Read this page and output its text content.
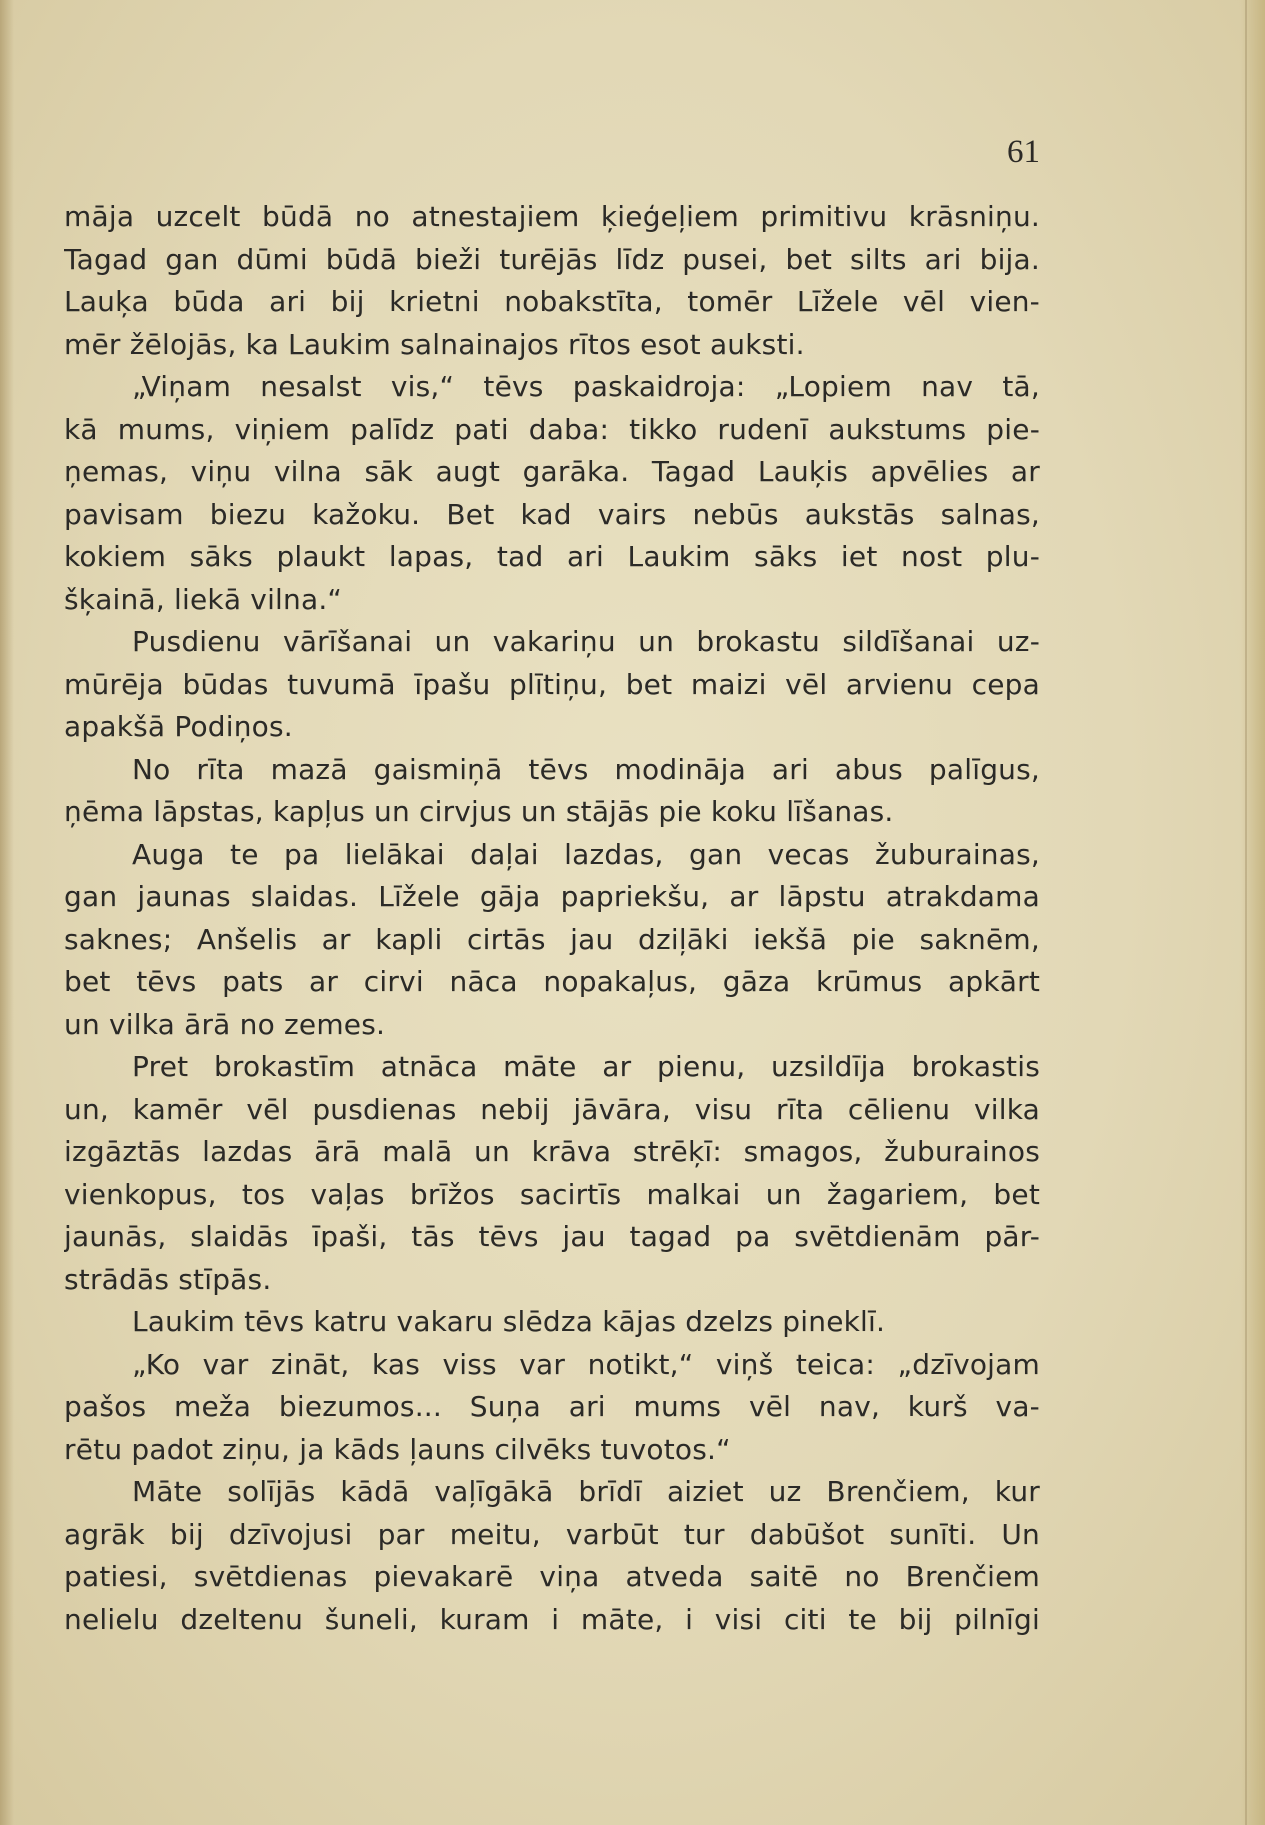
61
māja uzcelt būdā no atnestajiem ķieģeļiem primitivu krāsniņu.
Tagad gan dūmi būdā bieži turējās līdz pusei, bet silts ari bija.
Lauķa būda ari bij krietni nobakstīta, tomēr Līžele vēl vien-
mēr žēlojās, ka Laukim salnainajos rītos esot auksti.
„Viņam nesalst vis,“ tēvs paskaidroja: „Lopiem nav tā,
kā mums, viņiem palīdz pati daba: tikko rudenī aukstums pie-
ņemas, viņu vilna sāk augt garāka. Tagad Lauķis apvēlies ar
pavisam biezu kažoku. Bet kad vairs nebūs aukstās salnas,
kokiem sāks plaukt lapas, tad ari Laukim sāks iet nost plu-
šķainā, liekā vilna.“
Pusdienu vārīšanai un vakariņu un brokastu sildīšanai uz-
mūrēja būdas tuvumā īpašu plītiņu, bet maizi vēl arvienu cepa
apakšā Podiņos.
No rīta mazā gaismiņā tēvs modināja ari abus palīgus,
ņēma lāpstas, kapļus un cirvjus un stājās pie koku līšanas.
Auga te pa lielākai daļai lazdas, gan vecas žuburainas,
gan jaunas slaidas. Līžele gāja papriekšu, ar lāpstu atrakdama
saknes; Anšelis ar kapli cirtās jau dziļāki iekšā pie saknēm,
bet tēvs pats ar cirvi nāca nopakaļus, gāza krūmus apkārt
un vilka ārā no zemes.
Pret brokastīm atnāca māte ar pienu, uzsildīja brokastis
un, kamēr vēl pusdienas nebij jāvāra, visu rīta cēlienu vilka
izgāztās lazdas ārā malā un krāva strēķī: smagos, žuburainos
vienkopus, tos vaļas brīžos sacirtīs malkai un žagariem, bet
jaunās, slaidās īpaši, tās tēvs jau tagad pa svētdienām pār-
strādās stīpās.
Laukim tēvs katru vakaru slēdza kājas dzelzs pineklī.
„Ko var zināt, kas viss var notikt,“ viņš teica: „dzīvojam
pašos meža biezumos... Suņa ari mums vēl nav, kurš va-
rētu padot ziņu, ja kāds ļauns cilvēks tuvotos.“
Māte solījās kādā vaļīgākā brīdī aiziet uz Brenčiem, kur
agrāk bij dzīvojusi par meitu, varbūt tur dabūšot sunīti. Un
patiesi, svētdienas pievakarē viņa atveda saitē no Brenčiem
nelielu dzeltenu šuneli, kuram i māte, i visi citi te bij pilnīgi
